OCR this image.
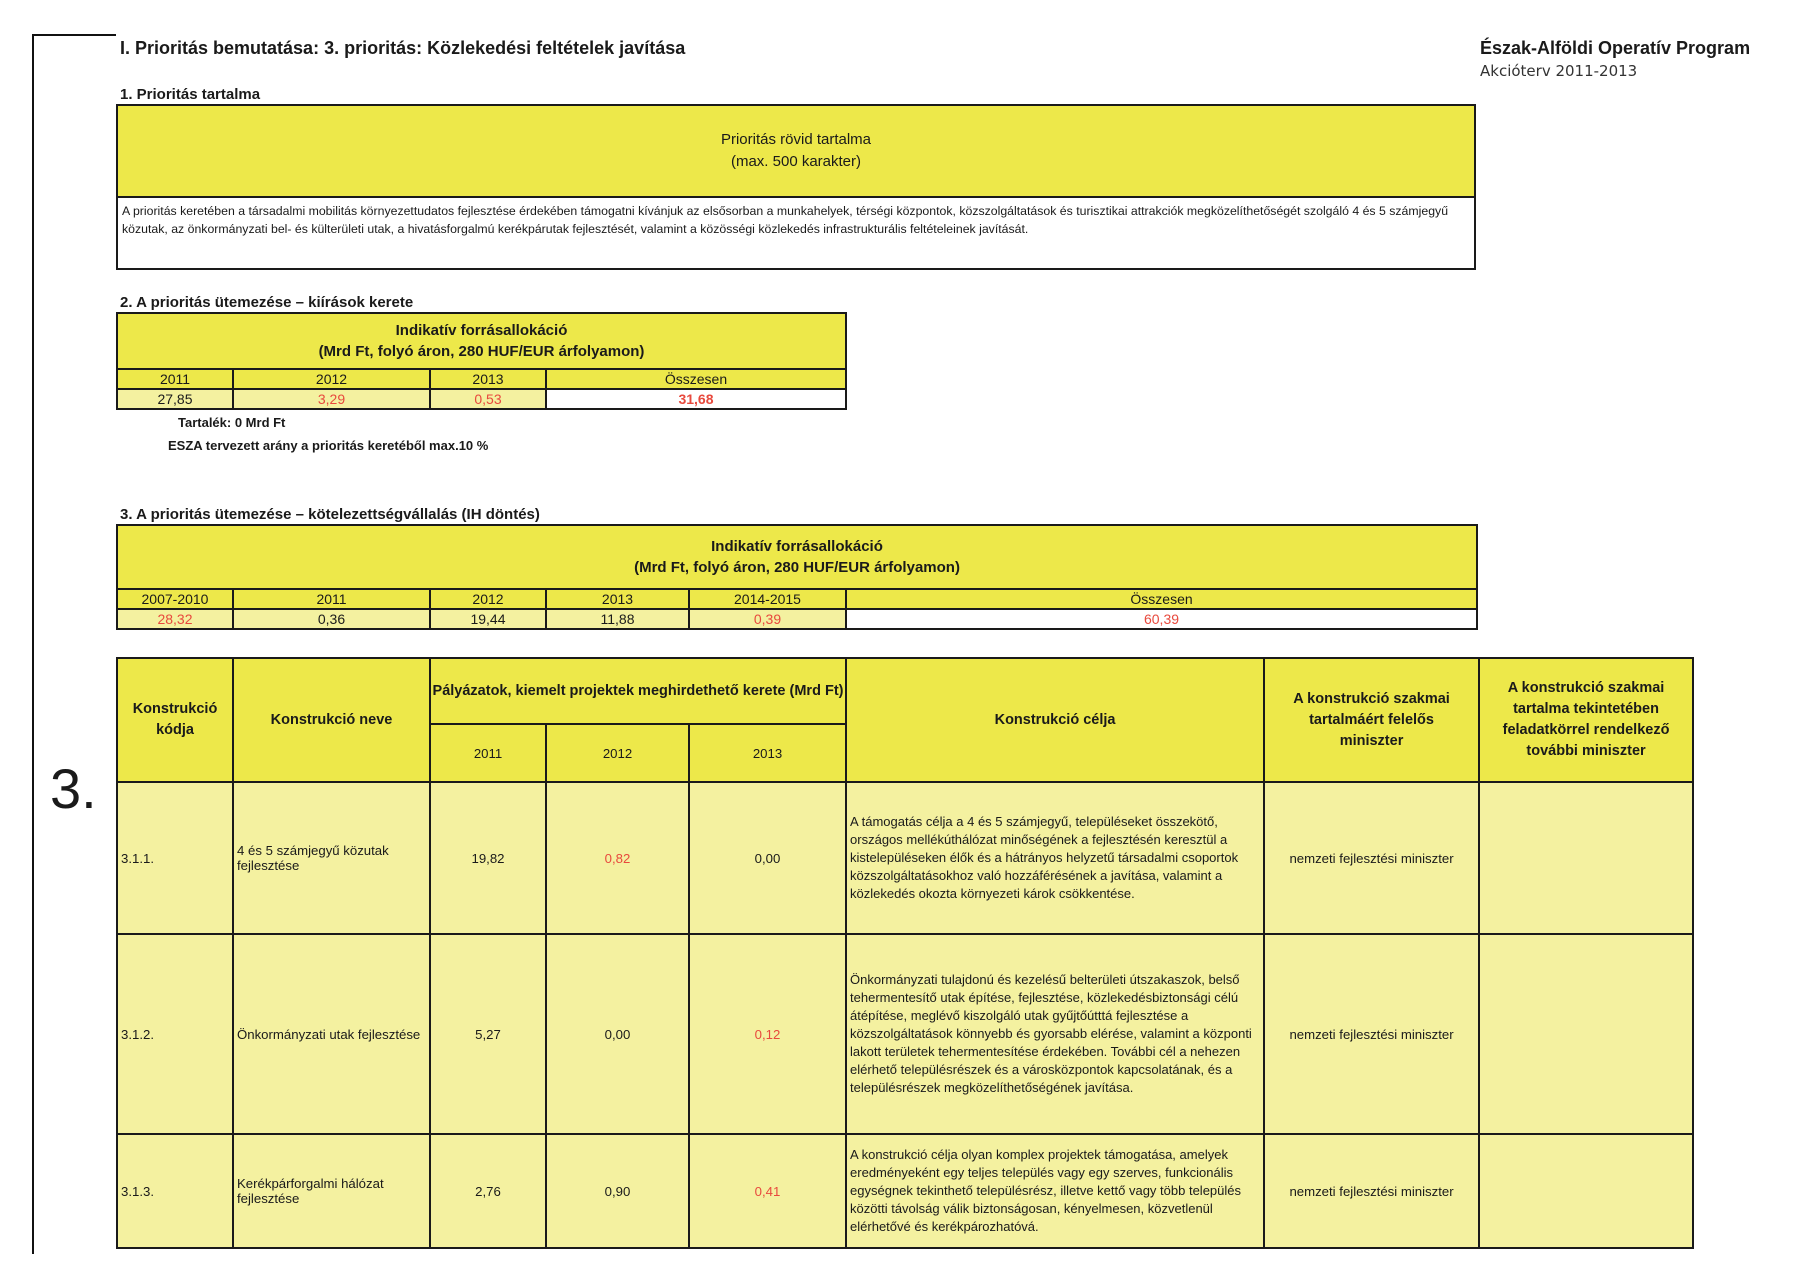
3.
I. Prioritás bemutatása: 3. prioritás: Közlekedési feltételek javítása	Észak-Alföldi Operatív Program
Akcióterv 2011-2013
1. Prioritás tartalma
Prioritás rövid tartalma
(max. 500 karakter)
A prioritás keretében a társadalmi mobilitás környezettudatos fejlesztése érdekében támogatni kívánjuk az elsősorban a munkahelyek, térségi központok, közszolgáltatások és turisztikai attrakciók megközelíthetőségét szolgáló 4 és 5 számjegyű közutak, az önkormányzati bel- és külterületi utak, a hivatásforgalmú kerékpárutak fejlesztését, valamint a közösségi közlekedés infrastrukturális feltételeinek javítását.
2. A prioritás ütemezése – kiírások kerete
Indikatív forrásallokáció
(Mrd Ft, folyó áron, 280 HUF/EUR árfolyamon)			

2011	2012	2013	Összesen
27,85	3,29	0,53	31,68
Tartalék: 0 Mrd Ft
ESZA tervezett arány a prioritás keretéből max.10 %
3. A prioritás ütemezése – kötelezettségvállalás (IH döntés)
Indikatív forrásallokáció
(Mrd Ft, folyó áron, 280 HUF/EUR árfolyamon)					

2007-2010	2011	2012	2013	2014-2015	Összesen
28,32	0,36	19,44	11,88	0,39	60,39
Konstrukció kódja	Konstrukció neve	Pályázatok, kiemelt projektek meghirdethető kerete (Mrd Ft)			Konstrukció célja	A konstrukció szakmai tartalmáért felelős miniszter	A konstrukció szakmai tartalma tekintetében feladatkörrel rendelkező további miniszter
		2011	2012	2013			
3.1.1.	4 és 5 számjegyű közutak fejlesztése	19,82	0,82	0,00	A támogatás célja a 4 és 5 számjegyű, településeket összekötő, országos mellékúthálózat minőségének a fejlesztésén keresztül a kistelepüléseken élők és a hátrányos helyzetű társadalmi csoportok közszolgáltatásokhoz való hozzáférésének a javítása, valamint a közlekedés okozta környezeti károk csökkentése.	nemzeti fejlesztési miniszter	
3.1.2.	Önkormányzati utak fejlesztése	5,27	0,00	0,12	Önkormányzati tulajdonú és kezelésű belterületi útszakaszok, belső tehermentesítő utak építése, fejlesztése, közlekedésbiztonsági célú átépítése, meglévő kiszolgáló utak gyűjtőútttá fejlesztése a közszolgáltatások könnyebb és gyorsabb elérése, valamint a központi lakott területek tehermentesítése érdekében. További cél a nehezen elérhető településrészek és a városközpontok kapcsolatának, és a településrészek megközelíthetőségének javítása.	nemzeti fejlesztési miniszter	
3.1.3.	Kerékpárforgalmi hálózat fejlesztése	2,76	0,90	0,41	A konstrukció célja olyan komplex projektek támogatása, amelyek eredményeként egy teljes település vagy egy szerves, funkcionális egységnek tekinthető településrész, illetve kettő vagy több település közötti távolság válik biztonságosan, kényelmesen, közvetlenül elérhetővé és kerékpározhatóvá.	nemzeti fejlesztési miniszter	
